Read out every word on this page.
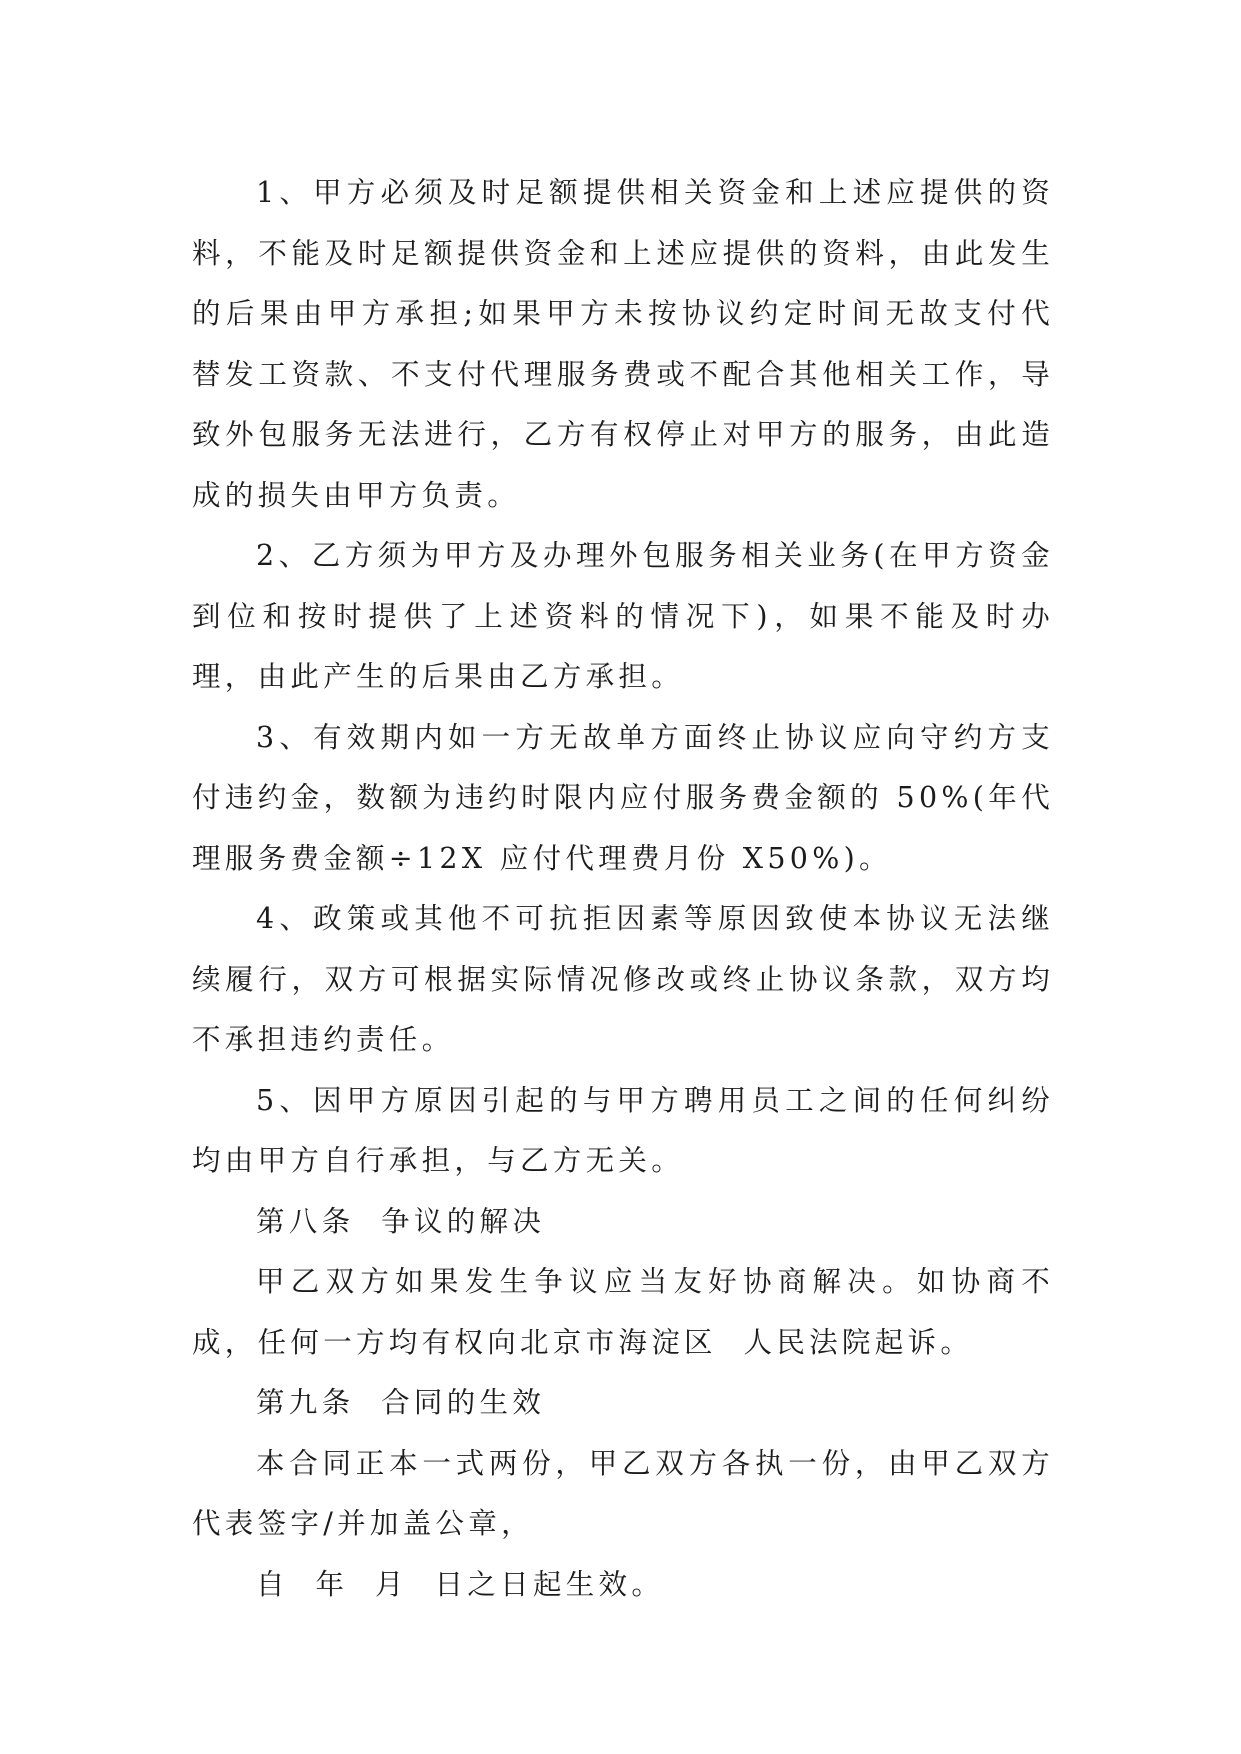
1、甲方必须及时足额提供相关资金和上述应提供的资料，不能及时足额提供资金和上述应提供的资料，由此发生的后果由甲方承担;如果甲方未按协议约定时间无故支付代替发工资款、不支付代理服务费或不配合其他相关工作，导致外包服务无法进行，乙方有权停止对甲方的服务，由此造成的损失由甲方负责。

2、乙方须为甲方及办理外包服务相关业务(在甲方资金到位和按时提供了上述资料的情况下)，如果不能及时办理，由此产生的后果由乙方承担。

3、有效期内如一方无故单方面终止协议应向守约方支付违约金，数额为违约时限内应付服务费金额的 50%(年代理服务费金额÷12X 应付代理费月份 X50%)。

4、政策或其他不可抗拒因素等原因致使本协议无法继续履行，双方可根据实际情况修改或终止协议条款，双方均不承担违约责任。

5、因甲方原因引起的与甲方聘用员工之间的任何纠纷均由甲方自行承担，与乙方无关。

第八条  争议的解决

甲乙双方如果发生争议应当友好协商解决。如协商不成，任何一方均有权向北京市海淀区  人民法院起诉。

第九条  合同的生效

本合同正本一式两份，甲乙双方各执一份，由甲乙双方代表签字/并加盖公章，

自  年  月  日之日起生效。
